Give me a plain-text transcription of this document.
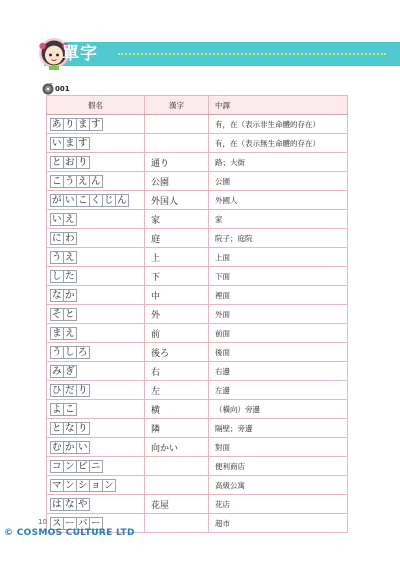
單字
001
假名	漢字	中譯
あ り ま す		有，在（表示非生命體的存在）
い ま す		有，在（表示無生命體的存在）
と お り	通り	路；大街
こ う え ん	公園	公園
が い こ く じ ん	外国人	外國人
い え	家	家
に わ	庭	院子；庭院
う え	上	上面
し た	下	下面
な か	中	裡面
そ と	外	外面
ま え	前	前面
う し ろ	後ろ	後面
み ぎ	右	右邊
ひ だ り	左	左邊
よ こ	横	（橫向）旁邊
と な り	隣	隔壁；旁邊
む か い	向かい	對面
コ ン ビ ニ		便利商店
マ ン シ ョ ン		高級公寓
は な や	花屋	花店
ス ー パ ー		超市
10
© COSMOS CULTURE LTD
